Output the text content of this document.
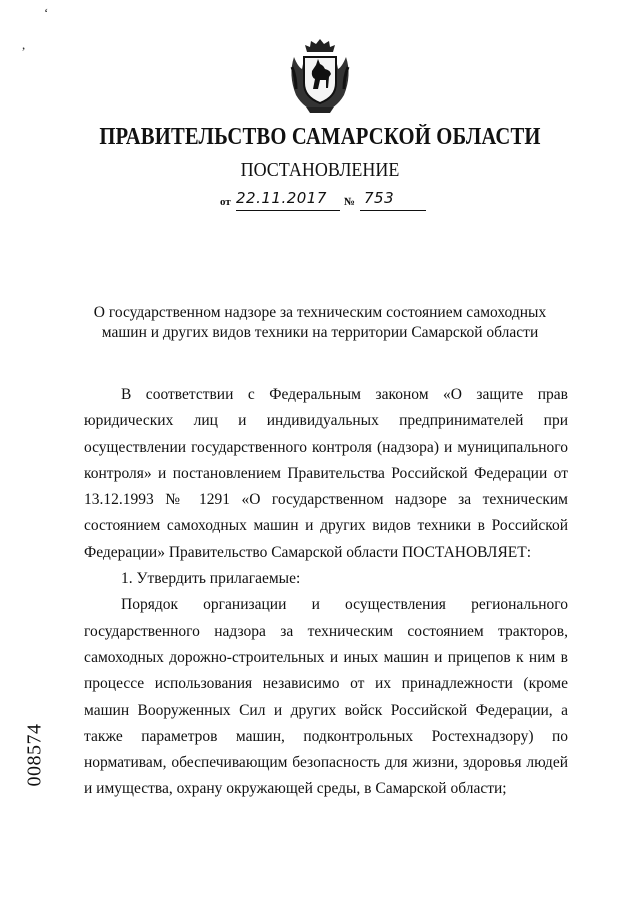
‘
,
ПРАВИТЕЛЬСТВО САМАРСКОЙ ОБЛАСТИ
ПОСТАНОВЛЕНИЕ
от 22.11.2017 № 753
О государственном надзоре за техническим состоянием самоходных машин и других видов техники на территории Самарской области

В соответствии с Федеральным законом «О защите прав юридических лиц и индивидуальных предпринимателей при осуществлении государственного контроля (надзора) и муниципального контроля» и постановлением Правительства Российской Федерации от 13.12.1993 № 1291 «О государственном надзоре за техническим состоянием самоходных машин и других видов техники в Российской Федерации» Правительство Самарской области ПОСТАНОВЛЯЕТ:

1. Утвердить прилагаемые:

Порядок организации и осуществления регионального государственного надзора за техническим состоянием тракторов, самоходных дорожно-строительных и иных машин и прицепов к ним в процессе использования независимо от их принадлежности (кроме машин Вооруженных Сил и других войск Российской Федерации, а также параметров машин, подконтрольных Ростехнадзору) по нормативам, обеспечивающим безопасность для жизни, здоровья людей и имущества, охрану окружающей среды, в Самарской области;

008574
